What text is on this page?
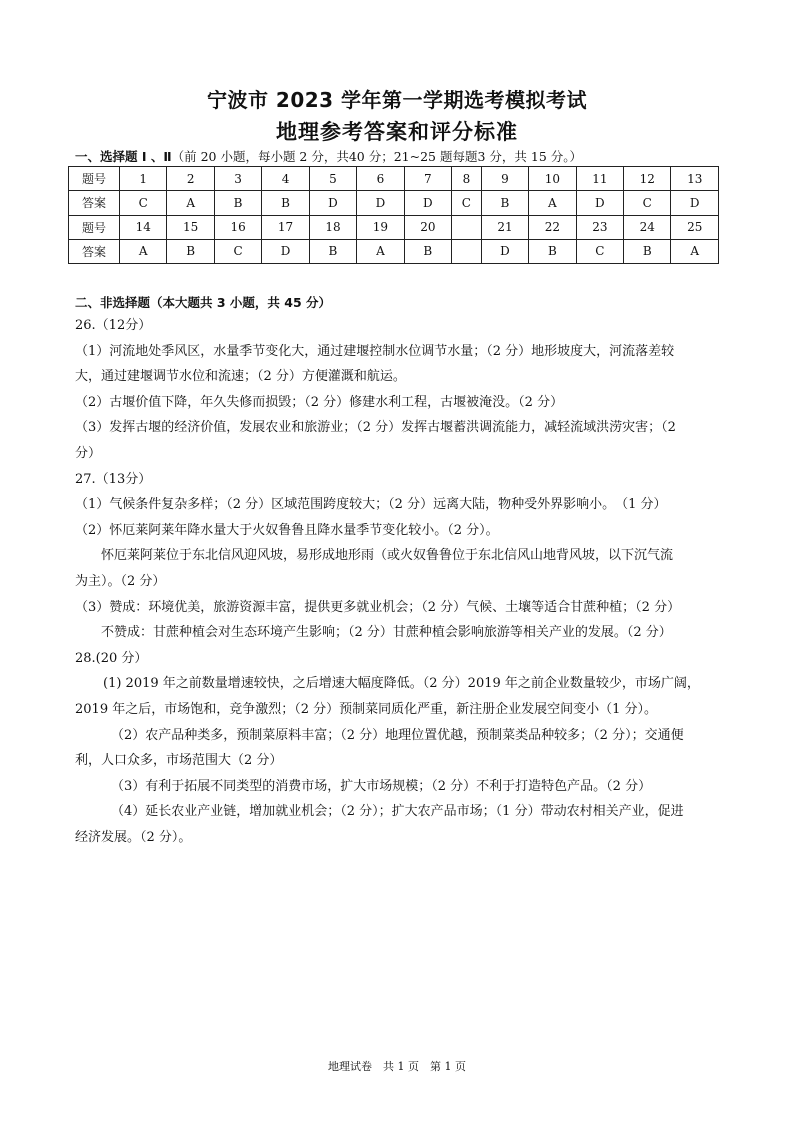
宁波市 2023 学年第一学期选考模拟考试
地理参考答案和评分标准
一、选择题 Ⅰ 、Ⅱ（前 20 小题，每小题 2 分，共40 分；21~25 题每题3 分，共 15 分。）
题号	1	2	3	4	5	6	7	8	9	10	11	12	13
答案	C	A	B	B	D	D	D	C	B	A	D	C	D
题号	14	15	16	17	18	19	20		21	22	23	24	25
答案	A	B	C	D	B	A	B		D	B	C	B	A
二、非选择题（本大题共 3 小题，共 45 分）

26.（12分）

（1）河流地处季风区，水量季节变化大，通过建堰控制水位调节水量；（2 分）地形坡度大，河流落差较

大，通过建堰调节水位和流速；（2 分）方便灌溉和航运。

（2）古堰价值下降，年久失修而损毁；（2 分）修建水利工程，古堰被淹没。（2 分）

（3）发挥古堰的经济价值，发展农业和旅游业；（2 分）发挥古堰蓄洪调流能力，减轻流域洪涝灾害；（2

分）

27.（13分）

（1）气候条件复杂多样；（2 分）区域范围跨度较大；（2 分）远离大陆，物种受外界影响小。　（1 分）

（2）怀厄莱阿莱年降水量大于火奴鲁鲁且降水量季节变化较小。（2 分）。

怀厄莱阿莱位于东北信风迎风坡，易形成地形雨（或火奴鲁鲁位于东北信风山地背风坡，以下沉气流

为主）。（2 分）

（3）赞成：环境优美，旅游资源丰富，提供更多就业机会；（2 分）气候、土壤等适合甘蔗种植；（2 分）

不赞成：甘蔗种植会对生态环境产生影响；（2 分）甘蔗种植会影响旅游等相关产业的发展。（2 分）

28.(20 分）

(1) 2019 年之前数量增速较快，之后增速大幅度降低。（2 分）2019 年之前企业数量较少，市场广阔，

2019 年之后，市场饱和，竞争激烈；（2 分）预制菜同质化严重，新注册企业发展空间变小（1 分）。

（2）农产品种类多，预制菜原料丰富；（2 分）地理位置优越，预制菜类品种较多；（2 分）；交通便

利，人口众多，市场范围大（2 分）

（3）有利于拓展不同类型的消费市场，扩大市场规模；（2 分）不利于打造特色产品。（2 分）

（4）延长农业产业链，增加就业机会；（2 分）；扩大农产品市场；（1 分）带动农村相关产业，促进

经济发展。（2 分）。

地理试卷　共 1 页　第 1 页
